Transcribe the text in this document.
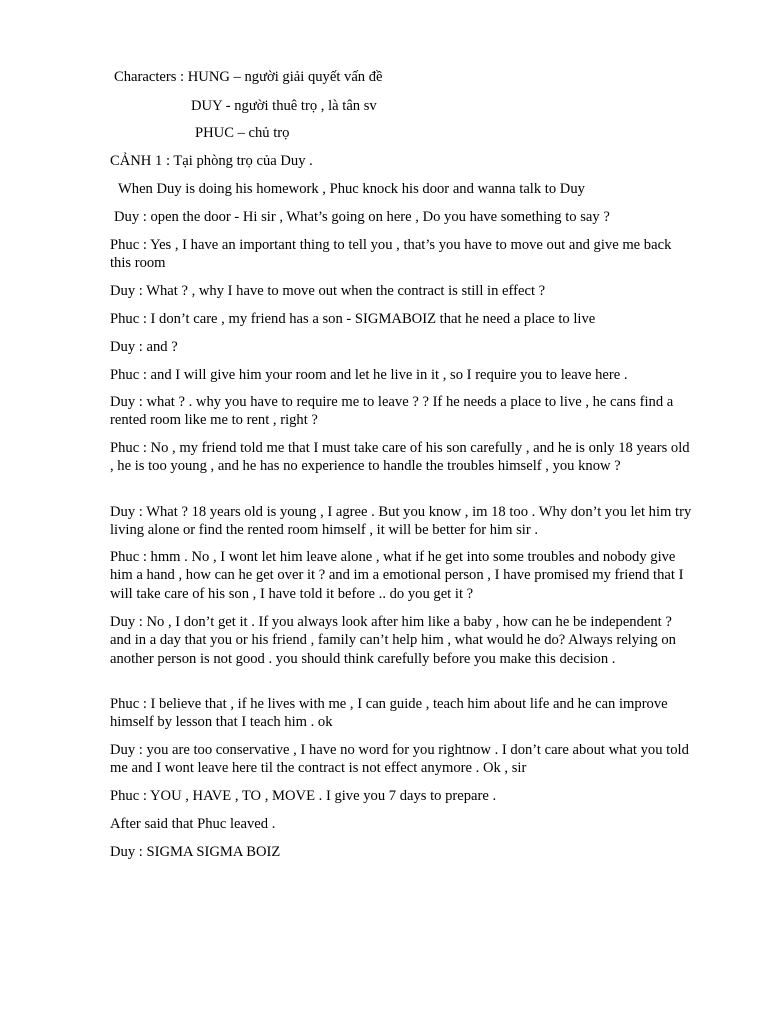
Characters : HUNG – người giải quyết vấn đề

DUY - người thuê trọ , là tân sv

PHUC – chủ trọ

CẢNH 1 : Tại phòng trọ của Duy .

When Duy is doing his homework , Phuc knock his door and wanna talk to Duy

Duy : open the door - Hi sir , What’s going on here , Do you have something to say ?

Phuc : Yes , I have an important thing to tell you , that’s you have to move out and give me back this room

Duy : What ? , why I have to move out when the contract is still in effect ?

Phuc : I don’t care , my friend has a son - SIGMABOIZ that he need a place to live

Duy : and ?

Phuc : and I will give him your room and let he live in it , so I require you to leave here .

Duy : what ? . why you have to require me to leave ? ? If he needs a place to live , he cans find a rented room like me to rent , right ?

Phuc : No , my friend told me that I must take care of his son carefully , and he is only 18 years old , he is too young , and he has no experience to handle the troubles himself , you know ?

Duy : What ? 18 years old is young , I agree . But you know , im 18 too . Why don’t you let him try living alone or find the rented room himself , it will be better for him sir .

Phuc : hmm . No , I wont let him leave alone , what if he get into some troubles and nobody give him a hand , how can he get over it ? and im a emotional person , I have promised my friend that I will take care of his son , I have told it before .. do you get it ?

Duy : No , I don’t get it . If you always look after him like a baby , how can he be independent ? and in a day that you or his friend , family can’t help him , what would he do? Always relying on another person is not good . you should think carefully before you make this decision .

Phuc : I believe that , if he lives with me , I can guide , teach him about life and he can improve himself by lesson that I teach him . ok

Duy : you are too conservative , I have no word for you rightnow . I don’t care about what you told me and I wont leave here til the contract is not effect anymore . Ok , sir

Phuc : YOU , HAVE , TO , MOVE . I give you 7 days to prepare .

After said that Phuc leaved .

Duy : SIGMA SIGMA BOIZ
